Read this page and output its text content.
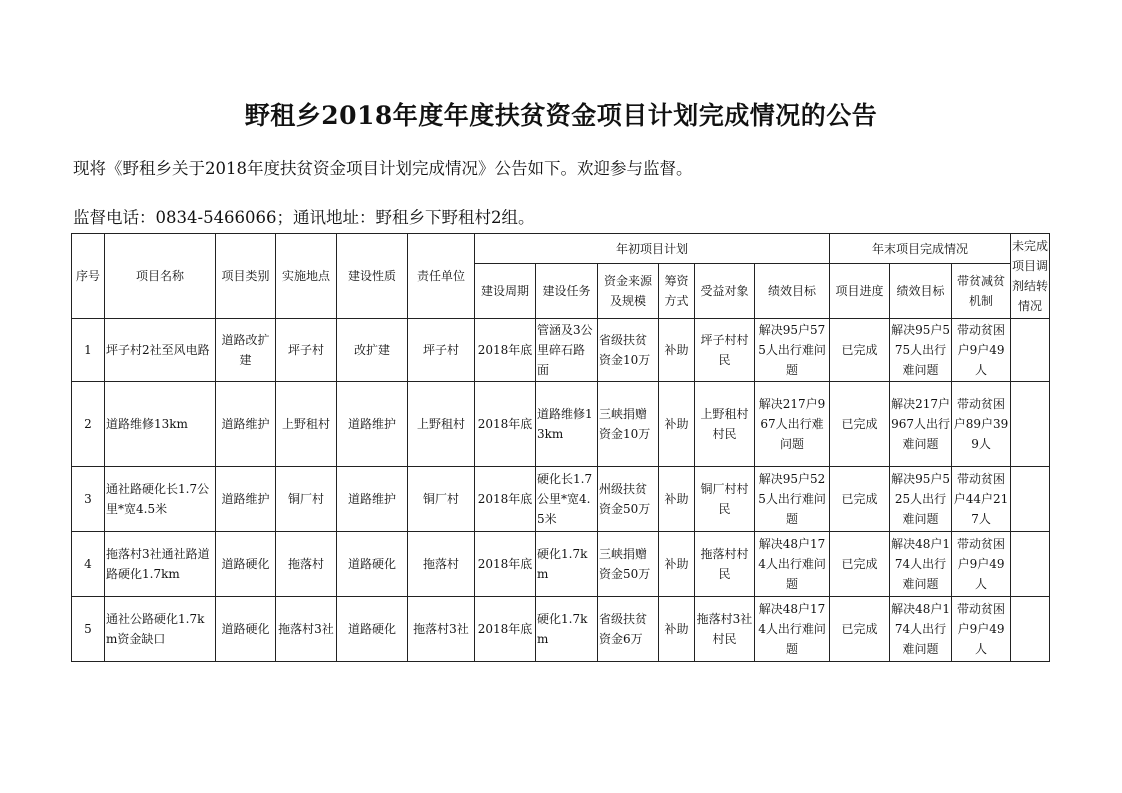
野租乡2018年度年度扶贫资金项目计划完成情况的公告
现将《野租乡关于2018年度扶贫资金项目计划完成情况》公告如下。欢迎参与监督。
监督电话：0834-5466066；通讯地址：野租乡下野租村2组。
序号	项目名称	项目类别	实施地点	建设性质	责任单位	年初项目计划						年末项目完成情况			未完成项目调剂结转情况
						建设周期	建设任务	资金来源及规模	筹资方式	受益对象	绩效目标	项目进度	绩效目标	带贫减贫机制	
1	坪子村2社至风电路	道路改扩建	坪子村	改扩建	坪子村	2018年底	管涵及3公里碎石路面	省级扶贫资金10万	补助	坪子村村民	解决95户575人出行难问题	已完成	解决95户575人出行难问题	带动贫困户9户49人	
2	道路维修13km	道路维护	上野租村	道路维护	上野租村	2018年底	道路维修13km	三峡捐赠资金10万	补助	上野租村村民	解决217户967人出行难问题	已完成	解决217户967人出行难问题	带动贫困户89户399人	
3	通社路硬化长1.7公里*宽4.5米	道路维护	铜厂村	道路维护	铜厂村	2018年底	硬化长1.7公里*宽4.5米	州级扶贫资金50万	补助	铜厂村村民	解决95户525人出行难问题	已完成	解决95户525人出行难问题	带动贫困户44户217人	
4	拖落村3社通社路道路硬化1.7km	道路硬化	拖落村	道路硬化	拖落村	2018年底	硬化1.7km	三峡捐赠资金50万	补助	拖落村村民	解决48户174人出行难问题	已完成	解决48户174人出行难问题	带动贫困户9户49人	
5	通社公路硬化1.7km资金缺口	道路硬化	拖落村3社	道路硬化	拖落村3社	2018年底	硬化1.7km	省级扶贫资金6万	补助	拖落村3社村民	解决48户174人出行难问题	已完成	解决48户174人出行难问题	带动贫困户9户49人	
